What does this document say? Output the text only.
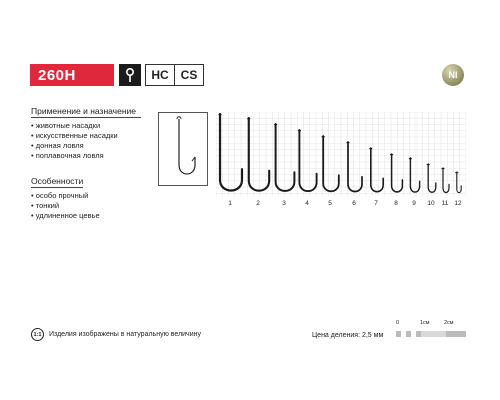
260H	HC CS	NI
Применение и назначение
• животные насадки
• искусственные насадки
• донная ловля
• поплавочная ловля
Особенности
• особо прочный
• тонкий
• удлиненное цевье
1	2	3	4	5	6	7	8	9	10	11 12
1:1	Изделия изображены в натуральную величину	Цена деления: 2,5 мм
0	1см	2см
